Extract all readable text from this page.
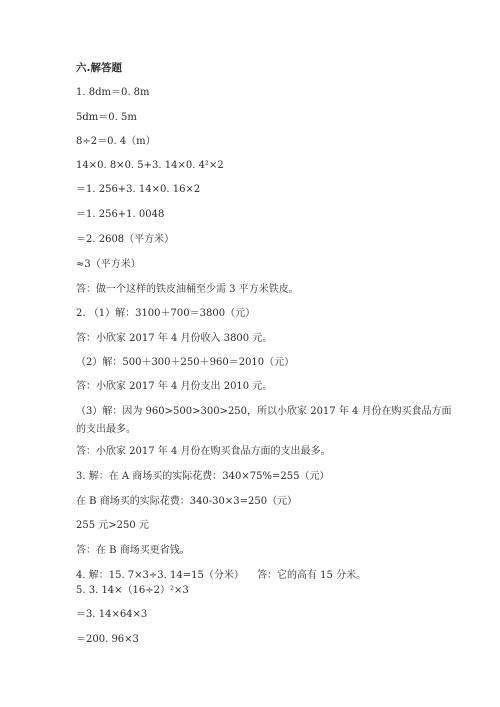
六.解答题
1. 8dm＝0. 8m
5dm＝0. 5m
8÷2＝0. 4（m）
14×0. 8×0. 5+3. 14×0. 4²×2
＝1. 256+3. 14×0. 16×2
＝1. 256+1. 0048
＝2. 2608（平方米）
≈3（平方米）
答：做一个这样的铁皮油桶至少需 3 平方米铁皮。
2. （1）解：3100＋700＝3800（元）
答：小欣家 2017 年 4 月份收入 3800 元。
（2）解：500＋300＋250＋960＝2010（元）
答：小欣家 2017 年 4 月份支出 2010 元。
（3）解：因为 960>500>300>250，所以小欣家 2017 年 4 月份在购买食品方面
的支出最多。
答：小欣家 2017 年 4 月份在购买食品方面的支出最多。
3. 解：在 A 商场买的实际花费：340×75%=255（元）
在 B 商场买的实际花费：340-30×3=250（元）
255 元>250 元
答：在 B 商场买更省钱。
4. 解：15. 7×3÷3. 14=15（分米） 答：它的高有 15 分米。
5. 3. 14×（16÷2）²×3
＝3. 14×64×3
＝200. 96×3
